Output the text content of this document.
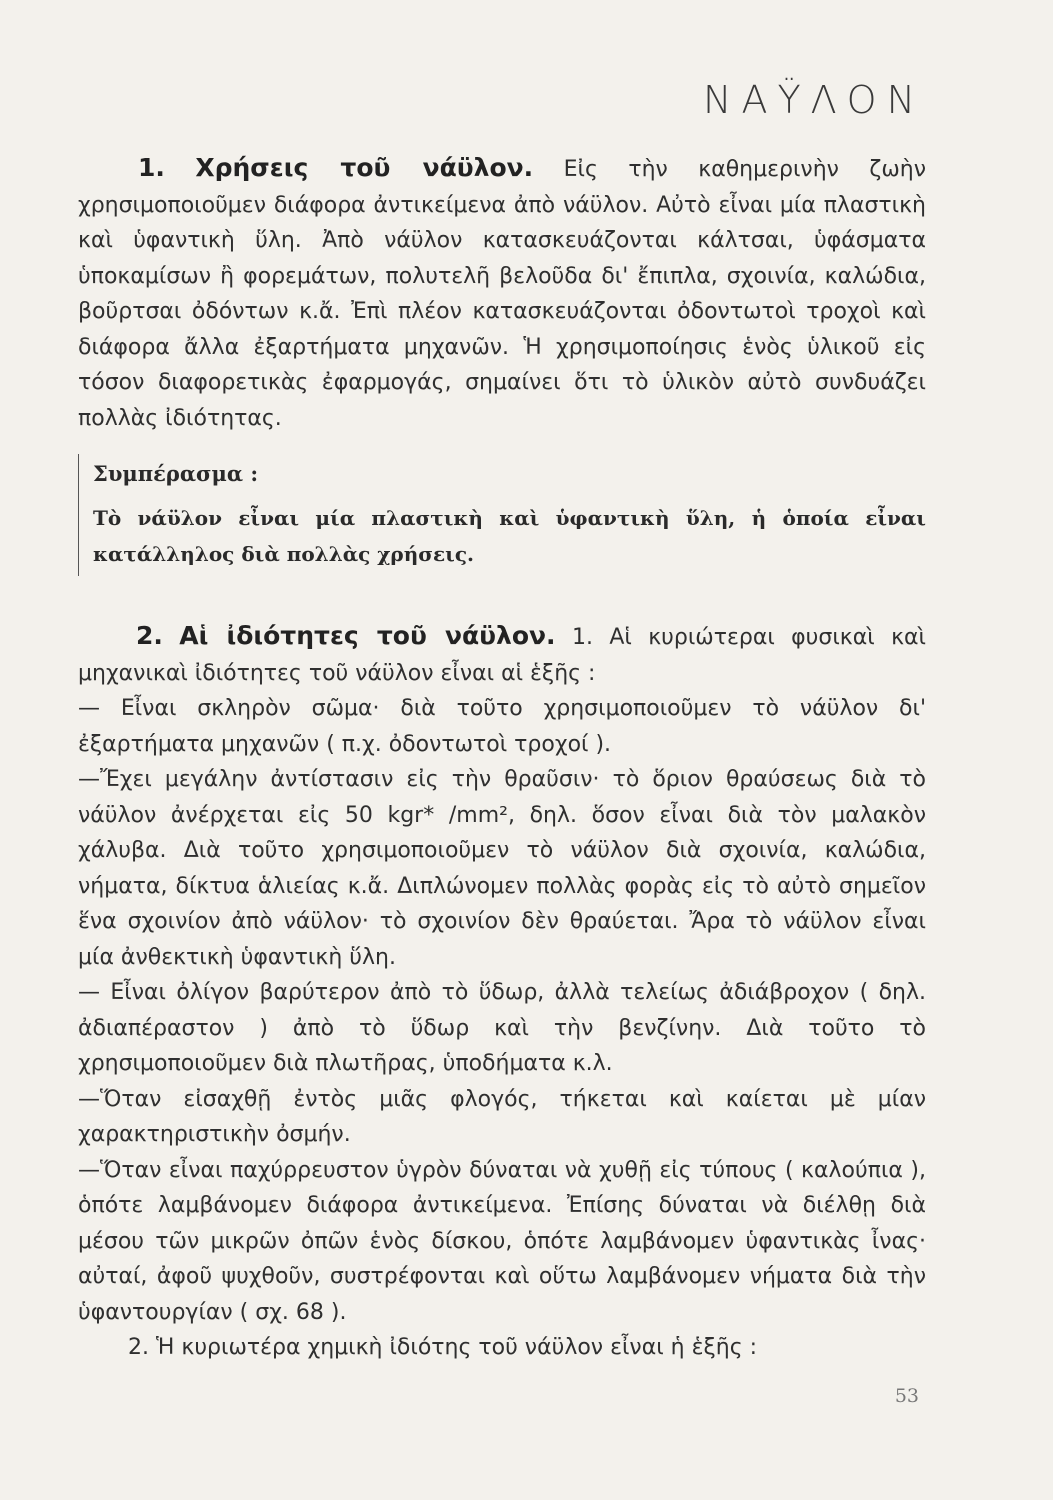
ΝΑΫΛΟΝ

1. Χρήσεις τοῦ νάϋλον. Εἰς τὴν καθημερινὴν ζωὴν χρησιμοποιοῦμεν διάφορα ἀντικείμενα ἀπὸ νάϋλον. Αὐτὸ εἶναι μία πλαστικὴ καὶ ὑφαντικὴ ὕλη. Ἀπὸ νάϋλον κατασκευάζονται κάλτσαι, ὑφάσματα ὑποκαμίσων ἢ φορεμάτων, πολυτελῆ βελοῦδα δι' ἔπιπλα, σχοινία, καλώδια, βοῦρτσαι ὀδόντων κ.ἄ. Ἐπὶ πλέον κατασκευάζονται ὀδοντωτοὶ τροχοὶ καὶ διάφορα ἄλλα ἐξαρτήματα μηχανῶν. Ἡ χρησιμοποίησις ἑνὸς ὑλικοῦ εἰς τόσον διαφορετικὰς ἐφαρμογάς, σημαίνει ὅτι τὸ ὑλικὸν αὐτὸ συνδυάζει πολλὰς ἰδιότητας.

Συμπέρασμα :
Τὸ νάϋλον εἶναι μία πλαστικὴ καὶ ὑφαντικὴ ὕλη, ἡ ὁποία εἶναι κατάλληλος διὰ πολλὰς χρήσεις.

2. Αἱ ἰδιότητες τοῦ νάϋλον. 1. Αἱ κυριώτεραι φυσικαὶ καὶ μηχανικαὶ ἰδιότητες τοῦ νάϋλον εἶναι αἱ ἑξῆς :

— Εἶναι σκληρὸν σῶμα· διὰ τοῦτο χρησιμοποιοῦμεν τὸ νάϋλον δι' ἐξαρτήματα μηχανῶν ( π.χ. ὀδοντωτοὶ τροχοί ).

—Ἔχει μεγάλην ἀντίστασιν εἰς τὴν θραῦσιν· τὸ ὅριον θραύσεως διὰ τὸ νάϋλον ἀνέρχεται εἰς 50 kgr* /mm², δηλ. ὅσον εἶναι διὰ τὸν μαλακὸν χάλυβα. Διὰ τοῦτο χρησιμοποιοῦμεν τὸ νάϋλον διὰ σχοινία, καλώδια, νήματα, δίκτυα ἁλιείας κ.ἄ. Διπλώνομεν πολλὰς φορὰς εἰς τὸ αὐτὸ σημεῖον ἕνα σχοινίον ἀπὸ νάϋλον· τὸ σχοινίον δὲν θραύεται. Ἄρα τὸ νάϋλον εἶναι μία ἀνθεκτικὴ ὑφαντικὴ ὕλη.

— Εἶναι ὀλίγον βαρύτερον ἀπὸ τὸ ὕδωρ, ἀλλὰ τελείως ἀδιάβροχον ( δηλ. ἀδιαπέραστον ) ἀπὸ τὸ ὕδωρ καὶ τὴν βενζίνην. Διὰ τοῦτο τὸ χρησιμοποιοῦμεν διὰ πλωτῆρας, ὑποδήματα κ.λ.

—Ὅταν εἰσαχθῇ ἐντὸς μιᾶς φλογός, τήκεται καὶ καίεται μὲ μίαν χαρακτηριστικὴν ὀσμήν.

—Ὅταν εἶναι παχύρρευστον ὑγρὸν δύναται νὰ χυθῇ εἰς τύπους ( καλούπια ), ὁπότε λαμβάνομεν διάφορα ἀντικείμενα. Ἐπίσης δύναται νὰ διέλθῃ διὰ μέσου τῶν μικρῶν ὀπῶν ἑνὸς δίσκου, ὁπότε λαμβάνομεν ὑφαντικὰς ἶνας· αὐταί, ἀφοῦ ψυχθοῦν, συστρέφονται καὶ οὕτω λαμβάνομεν νήματα διὰ τὴν ὑφαντουργίαν ( σχ. 68 ).

2. Ἡ κυριωτέρα χημικὴ ἰδιότης τοῦ νάϋλον εἶναι ἡ ἑξῆς :

53
